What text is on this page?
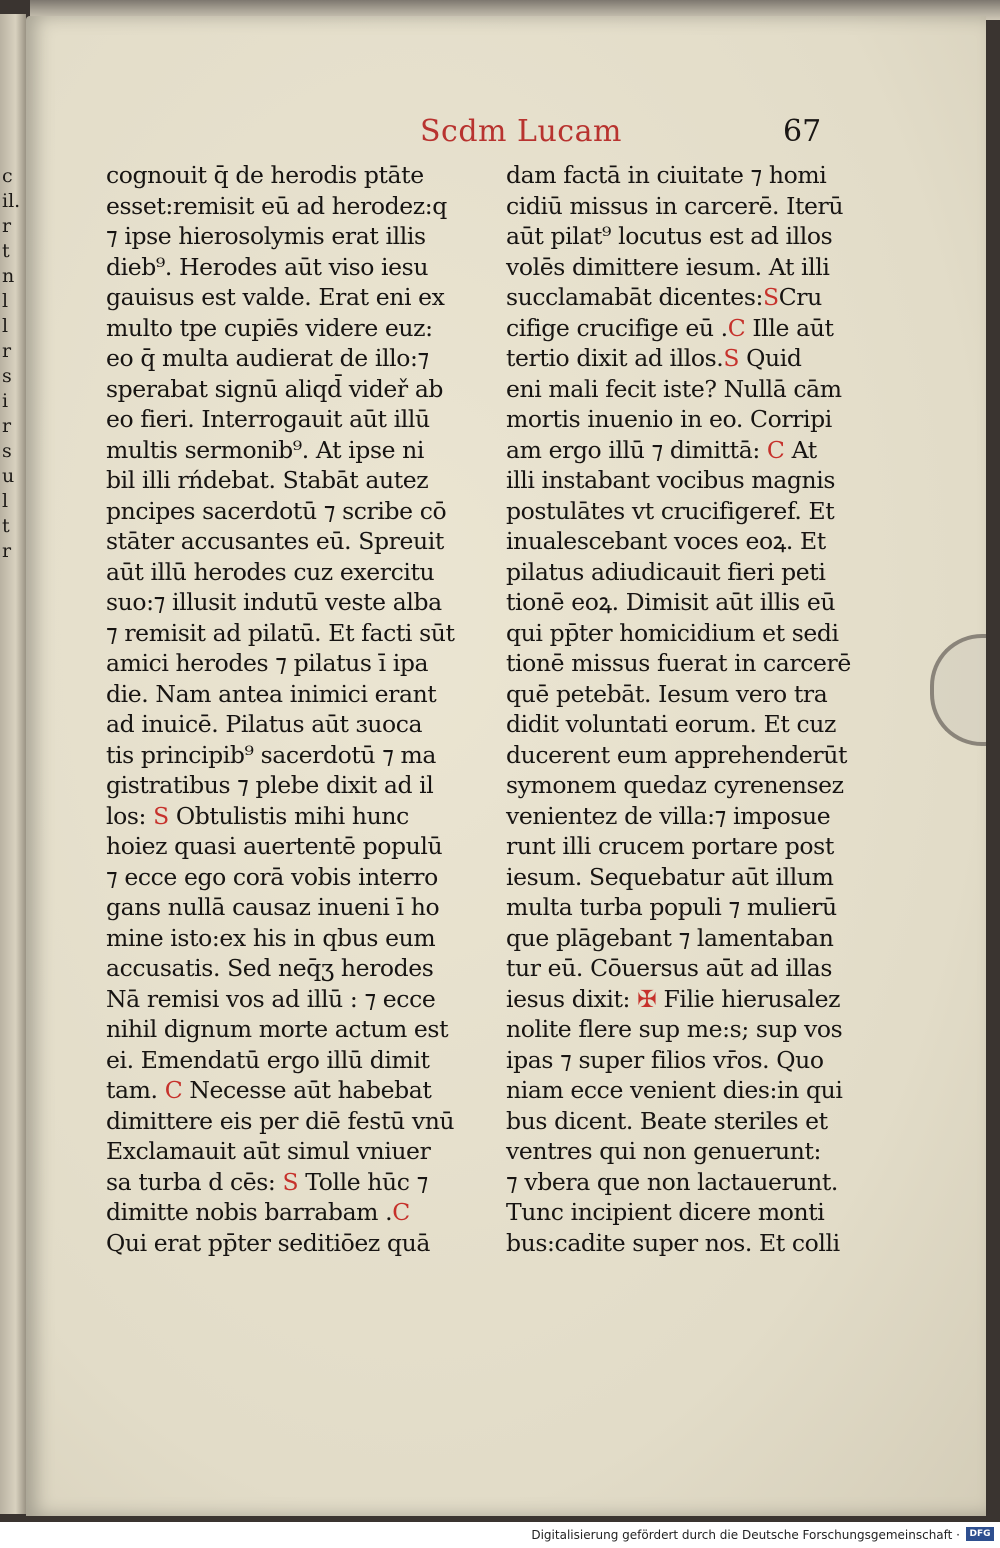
c
il.
r
t
n
l
l
r
s
i
r
s
u
l
t
r
Scdm Lucam	67
cognouit q̄ de herodis ptāte
esset:remisit eū ad herodez:q
⁊ ipse hierosolymis erat illis
dieb⁹. Herodes aūt viso iesu
gauisus est valde. Erat eni ex
multo tpe cupiēs videre euz:
eo q̄ multa audierat de illo:⁊
sperabat signū aliqd̄ videř ab
eo fieri. Interrogauit aūt illū
multis sermonib⁹. At ipse ni
bil illi rńdebat. Stabāt autez
pncipes sacerdotū ⁊ scribe cō
stāter accusantes eū. Spreuit
aūt illū herodes cuz exercitu
suo:⁊ illusit indutū veste alba
⁊ remisit ad pilatū. Et facti sūt
amici herodes ⁊ pilatus ī ipa
die. Nam antea inimici erant
ad inuicē. Pilatus aūt ɜuoca
tis principib⁹ sacerdotū ⁊ ma
gistratibus ⁊ plebe dixit ad il
los: S Obtulistis mihi hunc
hoiez quasi auertentē populū
⁊ ecce ego corā vobis interro
gans nullā causaz inueni ī ho
mine isto:ex his in qbus eum
accusatis. Sed neq̄ʒ herodes
Nā remisi vos ad illū : ⁊ ecce
nihil dignum morte actum est
ei. Emendatū ergo illū dimit
tam. C Necesse aūt habebat
dimittere eis per diē festū vnū
Exclamauit aūt simul vniuer
sa turba d cēs: S Tolle hūc ⁊
dimitte nobis barrabam .C
Qui erat pp̄ter seditiōez quā
dam factā in ciuitate ⁊ homi
cidiū missus in carcerē. Iterū
aūt pilat⁹ locutus est ad illos
volēs dimittere iesum. At illi
succlamabāt dicentes:SCru
cifige crucifige eū .C Ille aūt
tertio dixit ad illos.S Quid
eni mali fecit iste? Nullā cām
mortis inuenio in eo. Corripi
am ergo illū ⁊ dimittā: C At
illi instabant vocibus magnis
postulātes vt crucifigeref. Et
inualescebant voces eoꝝ. Et
pilatus adiudicauit fieri peti
tionē eoꝝ. Dimisit aūt illis eū
qui pp̄ter homicidium et sedi
tionē missus fuerat in carcerē
quē petebāt. Iesum vero tra
didit voluntati eorum. Et cuz
ducerent eum apprehenderūt
symonem quedaz cyrenensez
venientez de villa:⁊ imposue
runt illi crucem portare post
iesum. Sequebatur aūt illum
multa turba populi ⁊ mulierū
que plāgebant ⁊ lamentaban
tur eū. Cōuersus aūt ad illas
iesus dixit: ✠ Filie hierusalez
nolite flere sup me:s; sup vos
ipas ⁊ super filios vr̄os. Quo
niam ecce venient dies:in qui
bus dicent. Beate steriles et
ventres qui non genuerunt:
⁊ vbera que non lactauerunt.
Tunc incipient dicere monti
bus:cadite super nos. Et colli
Digitalisierung gefördert durch die Deutsche Forschungsgemeinschaft ·	DFG
